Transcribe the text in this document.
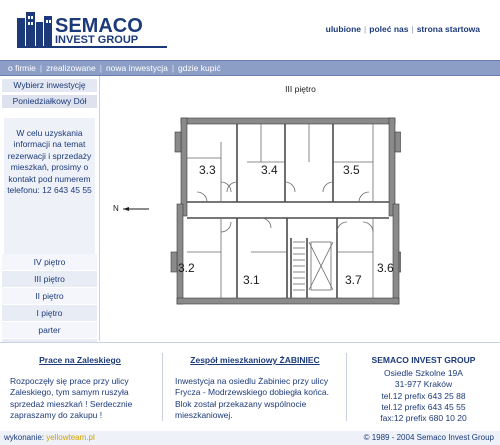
SEMACO
INVEST GROUP
ulubione | poleć nas | strona startowa
o firmie | zrealizowane | nowa inwestycja | gdzie kupić
Wybierz inwestycję
Poniedziałkowy Dół
W celu uzyskania informacji na temat rezerwacji i sprzedaży mieszkań, prosimy o kontakt pod numerem telefonu: 12 643 45 55
IV piętro
III piętro
II piętro
I piętro
parter
III piętro
N
3.3	3.4	3.5
3.2
3.1	3.7
3.6
Prace na Zaleskiego
Rozpoczęły się prace przy ulicy Zaleskiego, tym samym ruszyła sprzedaż mieszkań ! Serdecznie zapraszamy do zakupu !
Zespół mieszkaniowy ŻABINIEC
Inwestycja na osiedlu Żabiniec przy ulicy Frycza - Modrzewskiego dobiegła końca. Blok został przekazany wspólnocie mieszkaniowej.
SEMACO INVEST GROUP
Osiedle Szkolne 19A
31-977 Kraków
tel.12 prefix 643 25 88
tel.12 prefix 643 45 55
fax:12 prefix 680 10 20
wykonanie: yellowteam.pl	© 1989 - 2004 Semaco Invest Group
